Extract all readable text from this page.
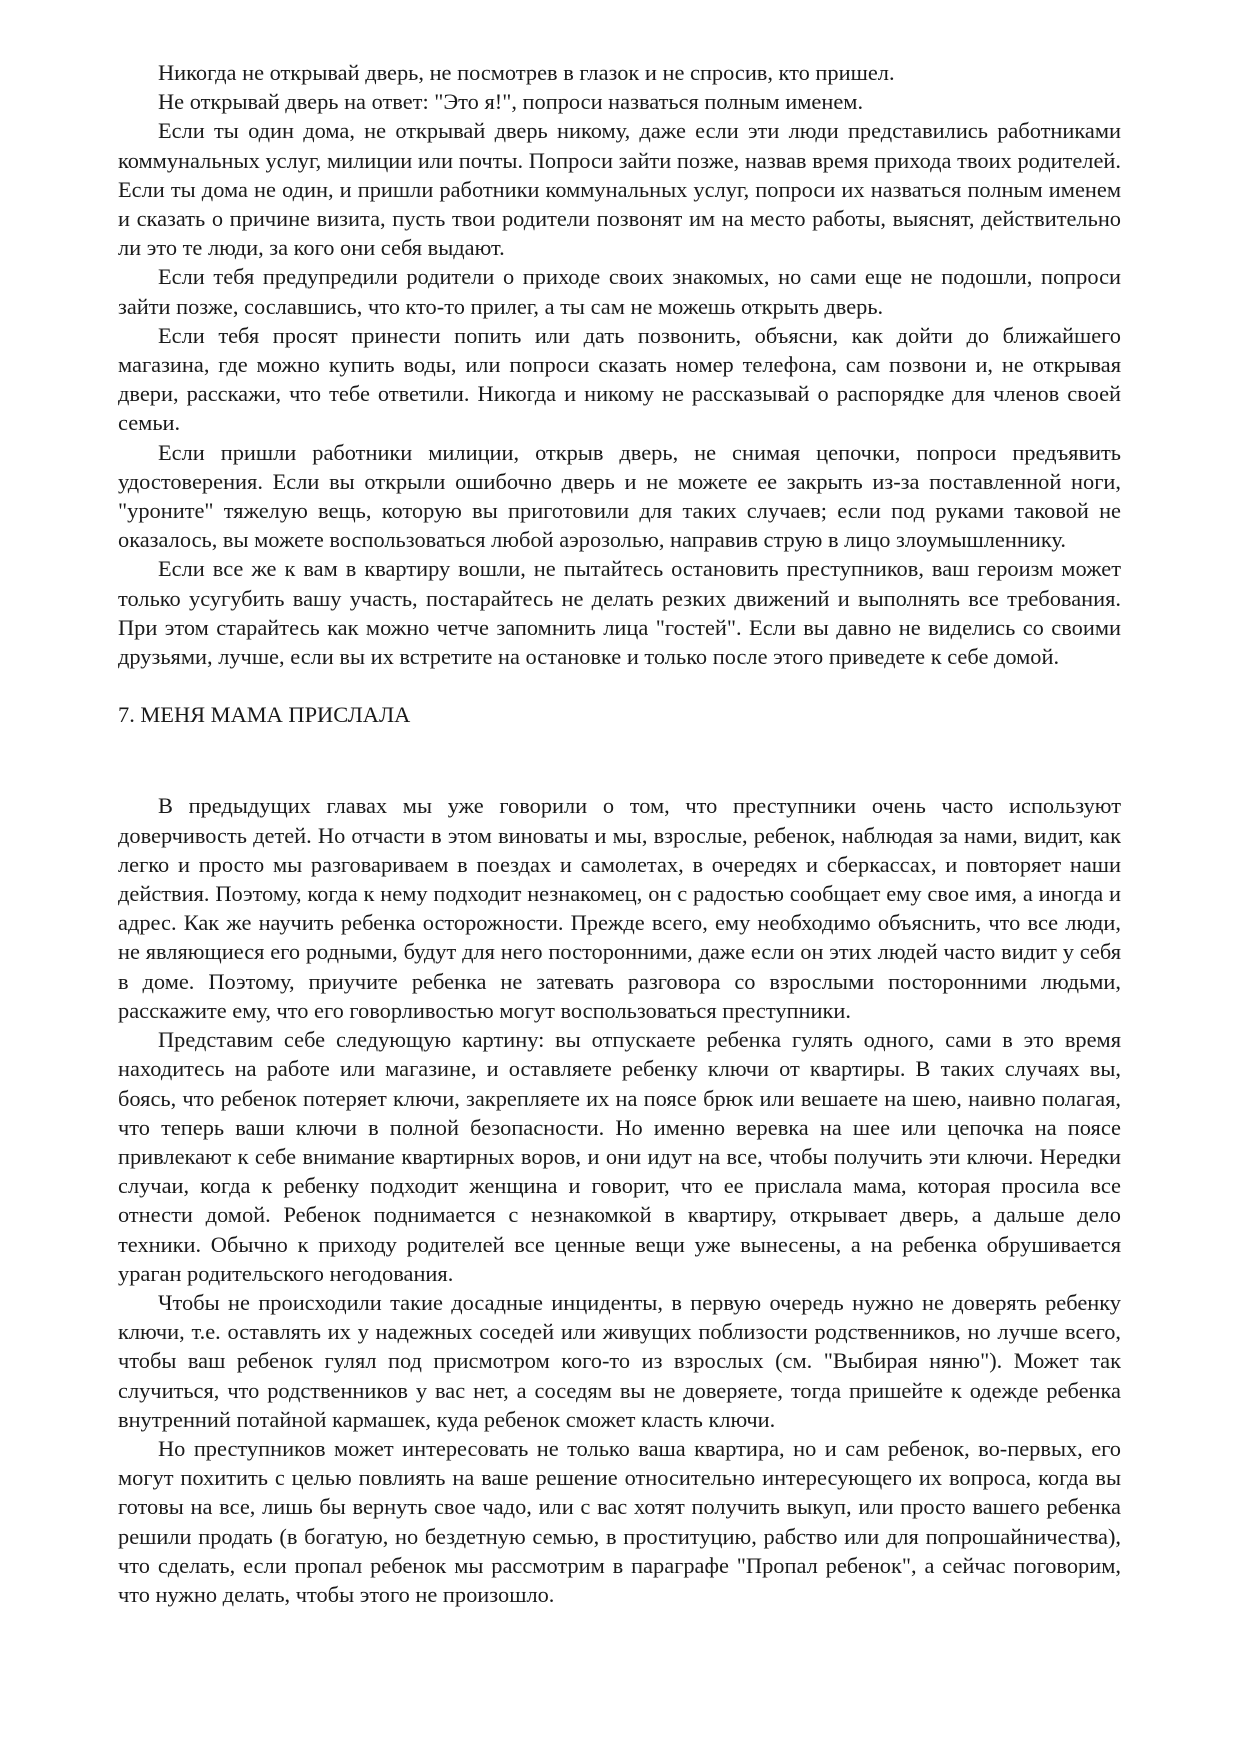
Никогда не открывай дверь, не посмотрев в глазок и не спросив, кто пришел.

Не открывай дверь на ответ: "Это я!", попроси назваться полным именем.

Если ты один дома, не открывай дверь никому, даже если эти люди представились работниками коммунальных услуг, милиции или почты. Попроси зайти позже, назвав время прихода твоих родителей. Если ты дома не один, и пришли работники коммунальных услуг, попроси их назваться полным именем и сказать о причине визита, пусть твои родители позвонят им на место работы, выяснят, действительно ли это те люди, за кого они себя выдают.

Если тебя предупредили родители о приходе своих знакомых, но сами еще не подошли, попроси зайти позже, сославшись, что кто-то прилег, а ты сам не можешь открыть дверь.

Если тебя просят принести попить или дать позвонить, объясни, как дойти до ближайшего магазина, где можно купить воды, или попроси сказать номер телефона, сам позвони и, не открывая двери, расскажи, что тебе ответили. Никогда и никому не рассказывай о распорядке для членов своей семьи.

Если пришли работники милиции, открыв дверь, не снимая цепочки, попроси предъявить удостоверения. Если вы открыли ошибочно дверь и не можете ее закрыть из-за поставленной ноги, "уроните" тяжелую вещь, которую вы приготовили для таких случаев; если под руками таковой не оказалось, вы можете воспользоваться любой аэрозолью, направив струю в лицо злоумышленнику.

Если все же к вам в квартиру вошли, не пытайтесь остановить преступников, ваш героизм может только усугубить вашу участь, постарайтесь не делать резких движений и выполнять все требования. При этом старайтесь как можно четче запомнить лица "гостей". Если вы давно не виделись со своими друзьями, лучше, если вы их встретите на остановке и только после этого приведете к себе домой.

7. МЕНЯ МАМА ПРИСЛАЛА

В предыдущих главах мы уже говорили о том, что преступники очень часто используют доверчивость детей. Но отчасти в этом виноваты и мы, взрослые, ребенок, наблюдая за нами, видит, как легко и просто мы разговариваем в поездах и самолетах, в очередях и сберкассах, и повторяет наши действия. Поэтому, когда к нему подходит незнакомец, он с радостью сообщает ему свое имя, а иногда и адрес. Как же научить ребенка осторожности. Прежде всего, ему необходимо объяснить, что все люди, не являющиеся его родными, будут для него посторонними, даже если он этих людей часто видит у себя в доме. Поэтому, приучите ребенка не затевать разговора со взрослыми посторонними людьми, расскажите ему, что его говорливостью могут воспользоваться преступники.

Представим себе следующую картину: вы отпускаете ребенка гулять одного, сами в это время находитесь на работе или магазине, и оставляете ребенку ключи от квартиры. В таких случаях вы, боясь, что ребенок потеряет ключи, закрепляете их на поясе брюк или вешаете на шею, наивно полагая, что теперь ваши ключи в полной безопасности. Но именно веревка на шее или цепочка на поясе привлекают к себе внимание квартирных воров, и они идут на все, чтобы получить эти ключи. Нередки случаи, когда к ребенку подходит женщина и говорит, что ее прислала мама, которая просила все отнести домой. Ребенок поднимается с незнакомкой в квартиру, открывает дверь, а дальше дело техники. Обычно к приходу родителей все ценные вещи уже вынесены, а на ребенка обрушивается ураган родительского негодования.

Чтобы не происходили такие досадные инциденты, в первую очередь нужно не доверять ребенку ключи, т.е. оставлять их у надежных соседей или живущих поблизости родственников, но лучше всего, чтобы ваш ребенок гулял под присмотром кого-то из взрослых (см. "Выбирая няню"). Может так случиться, что родственников у вас нет, а соседям вы не доверяете, тогда пришейте к одежде ребенка внутренний потайной кармашек, куда ребенок сможет класть ключи.

Но преступников может интересовать не только ваша квартира, но и сам ребенок, во-первых, его могут похитить с целью повлиять на ваше решение относительно интересующего их вопроса, когда вы готовы на все, лишь бы вернуть свое чадо, или с вас хотят получить выкуп, или просто вашего ребенка решили продать (в богатую, но бездетную семью, в проституцию, рабство или для попрошайничества), что сделать, если пропал ребенок мы рассмотрим в параграфе "Пропал ребенок", а сейчас поговорим, что нужно делать, чтобы этого не произошло.
